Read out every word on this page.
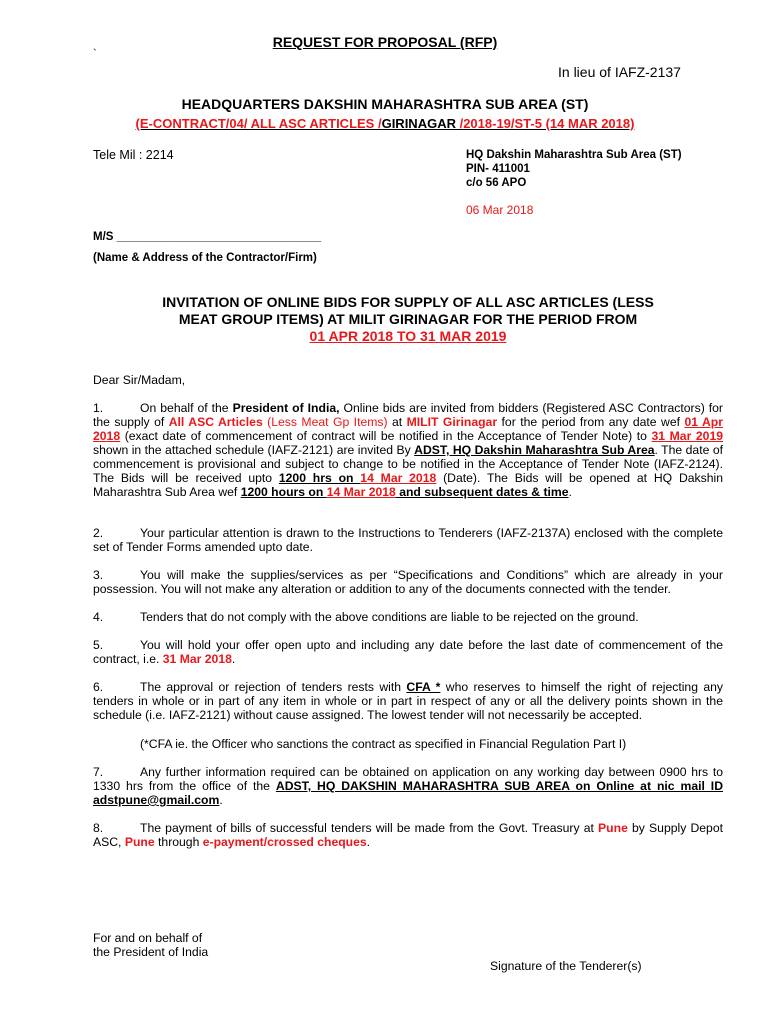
REQUEST FOR PROPOSAL (RFP)
`
In lieu of IAFZ-2137
HEADQUARTERS DAKSHIN MAHARASHTRA SUB AREA (ST)
(E-CONTRACT/04/ ALL ASC ARTICLES /GIRINAGAR /2018-19/ST-5 (14 MAR 2018)
Tele Mil : 2214	HQ Dakshin Maharashtra Sub Area (ST)
PIN- 411001
c/o 56 APO
06 Mar 2018
M/S ________________________________
(Name & Address of the Contractor/Firm)
INVITATION OF ONLINE BIDS FOR SUPPLY OF ALL ASC ARTICLES (LESS
MEAT GROUP ITEMS) AT MILIT GIRINAGAR FOR THE PERIOD FROM
01 APR 2018 TO 31 MAR 2019
Dear Sir/Madam,
1.	On behalf of the President of India, Online bids are invited from bidders (Registered ASC Contractors) for the supply of All ASC Articles (Less Meat Gp Items) at MILIT Girinagar for the period from any date wef 01 Apr 2018 (exact date of commencement of contract will be notified in the Acceptance of Tender Note) to 31 Mar 2019 shown in the attached schedule (IAFZ-2121) are invited By ADST, HQ Dakshin Maharashtra Sub Area. The date of commencement is provisional and subject to change to be notified in the Acceptance of Tender Note (IAFZ-2124). The Bids will be received upto 1200 hrs on 14 Mar 2018 (Date). The Bids will be opened at HQ Dakshin Maharashtra Sub Area wef 1200 hours on 14 Mar 2018 and subsequent dates & time.
2.	Your particular attention is drawn to the Instructions to Tenderers (IAFZ-2137A) enclosed with the complete set of Tender Forms amended upto date.
3.	You will make the supplies/services as per “Specifications and Conditions” which are already in your possession. You will not make any alteration or addition to any of the documents connected with the tender.
4.	Tenders that do not comply with the above conditions are liable to be rejected on the ground.
5.	You will hold your offer open upto and including any date before the last date of commencement of the contract, i.e. 31 Mar 2018.
6.	The approval or rejection of tenders rests with CFA * who reserves to himself the right of rejecting any tenders in whole or in part of any item in whole or in part in respect of any or all the delivery points shown in the schedule (i.e. IAFZ-2121) without cause assigned. The lowest tender will not necessarily be accepted.
(*CFA ie. the Officer who sanctions the contract as specified in Financial Regulation Part I)
7.	Any further information required can be obtained on application on any working day between 0900 hrs to 1330 hrs from the office of the ADST, HQ DAKSHIN MAHARASHTRA SUB AREA on Online at nic mail ID adstpune@gmail.com.
8.	The payment of bills of successful tenders will be made from the Govt. Treasury at Pune by Supply Depot ASC, Pune through e-payment/crossed cheques.
For and on behalf of
the President of India
Signature of the Tenderer(s)
